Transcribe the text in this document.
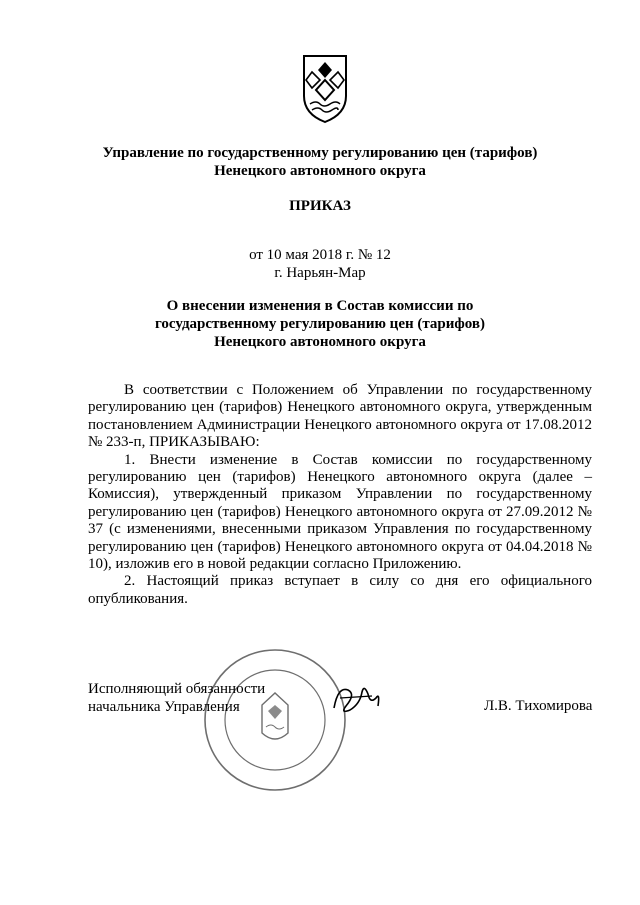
Управление по государственному регулированию цен (тарифов)
Ненецкого автономного округа
ПРИКАЗ
от 10 мая 2018 г. № 12
г. Нарьян-Мар
О внесении изменения в Состав комиссии по
государственному регулированию цен (тарифов)
Ненецкого автономного округа

В соответствии с Положением об Управлении по государственному регулированию цен (тарифов) Ненецкого автономного округа, утвержденным постановлением Администрации Ненецкого автономного округа от 17.08.2012 № 233-п, ПРИКАЗЫВАЮ:

1. Внести изменение в Состав комиссии по государственному регулированию цен (тарифов) Ненецкого автономного округа (далее – Комиссия), утвержденный приказом Управлении по государственному регулированию цен (тарифов) Ненецкого автономного округа от 27.09.2012 № 37 (с изменениями, внесенными приказом Управления по государственному регулированию цен (тарифов) Ненецкого автономного округа от 04.04.2018 № 10), изложив его в новой редакции согласно Приложению.

2. Настоящий приказ вступает в силу со дня его официального опубликования.

Исполняющий обязанности
начальника Управления	Л.В. Тихомирова
